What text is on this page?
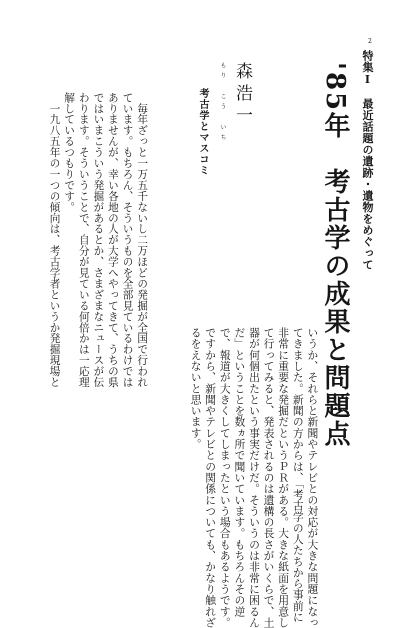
2
特集Ⅰ　最近話題の遺跡・遺物をめぐって
'85年　考古学の成果と問題点
もり こう いち 森浩一
いうか、それらと新聞やテレビとの対応が大きな問題になっ
てきました。新聞の方からは、「考古学の人たちから事前に
非常に重要な発掘だというＰＲがある。大きな紙面を用意し
て行ってみると、発表されるのは遺構の長さがいくらで、土
器が何個出たという事実だけだ。そういうのは非常に困るん
だ」ということを数ヵ所で聞いています。もちろんその逆
で、報道が大きくしてしまったという場合もあるようです。
ですから、新聞やテレビとの関係についても、かなり触れざ
るをえないと思います。
考古学とマスコミ
　毎年ざっと一万五千ないし二万ほどの発掘が全国で行われ
ています。もちろん、そういうものを全部見ているわけでは
ありませんが、幸い各地の人が大学へやってきて、うちの県
ではいまこういう発掘があるとか、さまざまなニュースが伝
わります。そういうことで、自分が見ている何倍かは一応理
解しているつもりです。
　一九八五年の一つの傾向は、考古学者というか発掘現場と
